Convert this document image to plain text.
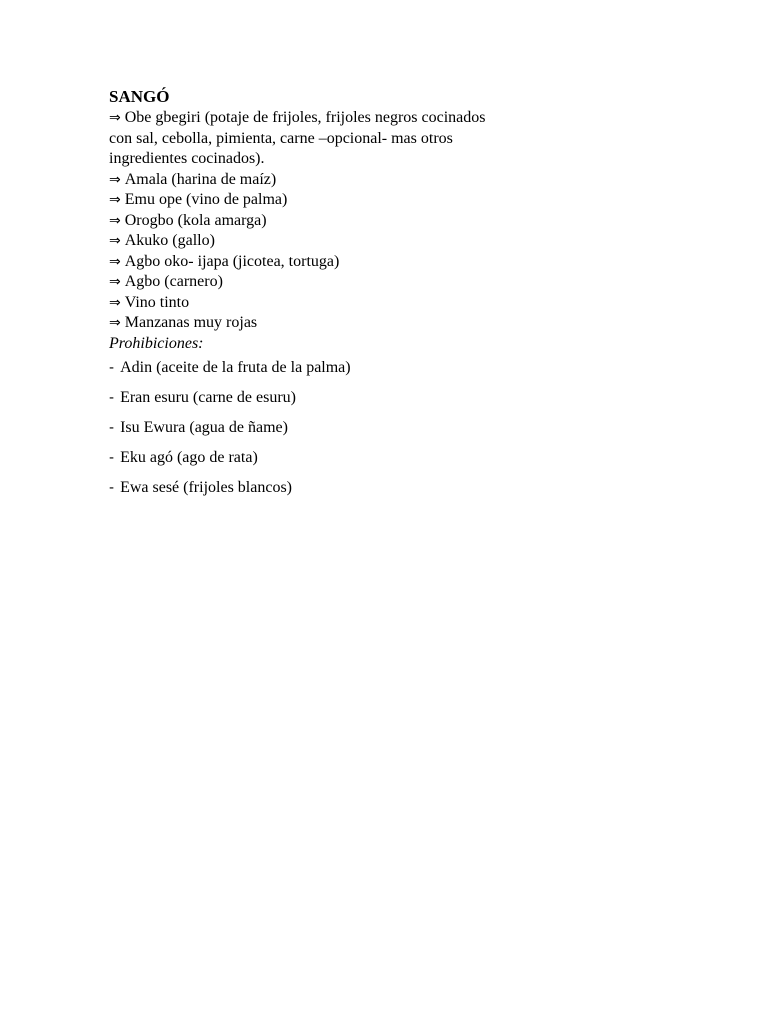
SANGÓ
⇒ Obe gbegiri (potaje de frijoles, frijoles negros cocinados
con sal, cebolla, pimienta, carne –opcional- mas otros
ingredientes cocinados).
⇒ Amala (harina de maíz)
⇒ Emu ope (vino de palma)
⇒ Orogbo (kola amarga)
⇒ Akuko (gallo)
⇒ Agbo oko- ijapa (jicotea, tortuga)
⇒ Agbo (carnero)
⇒ Vino tinto
⇒ Manzanas muy rojas
Prohibiciones:
- Adin (aceite de la fruta de la palma)
- Eran esuru (carne de esuru)
- Isu Ewura (agua de ñame)
- Eku agó (ago de rata)
- Ewa sesé (frijoles blancos)
